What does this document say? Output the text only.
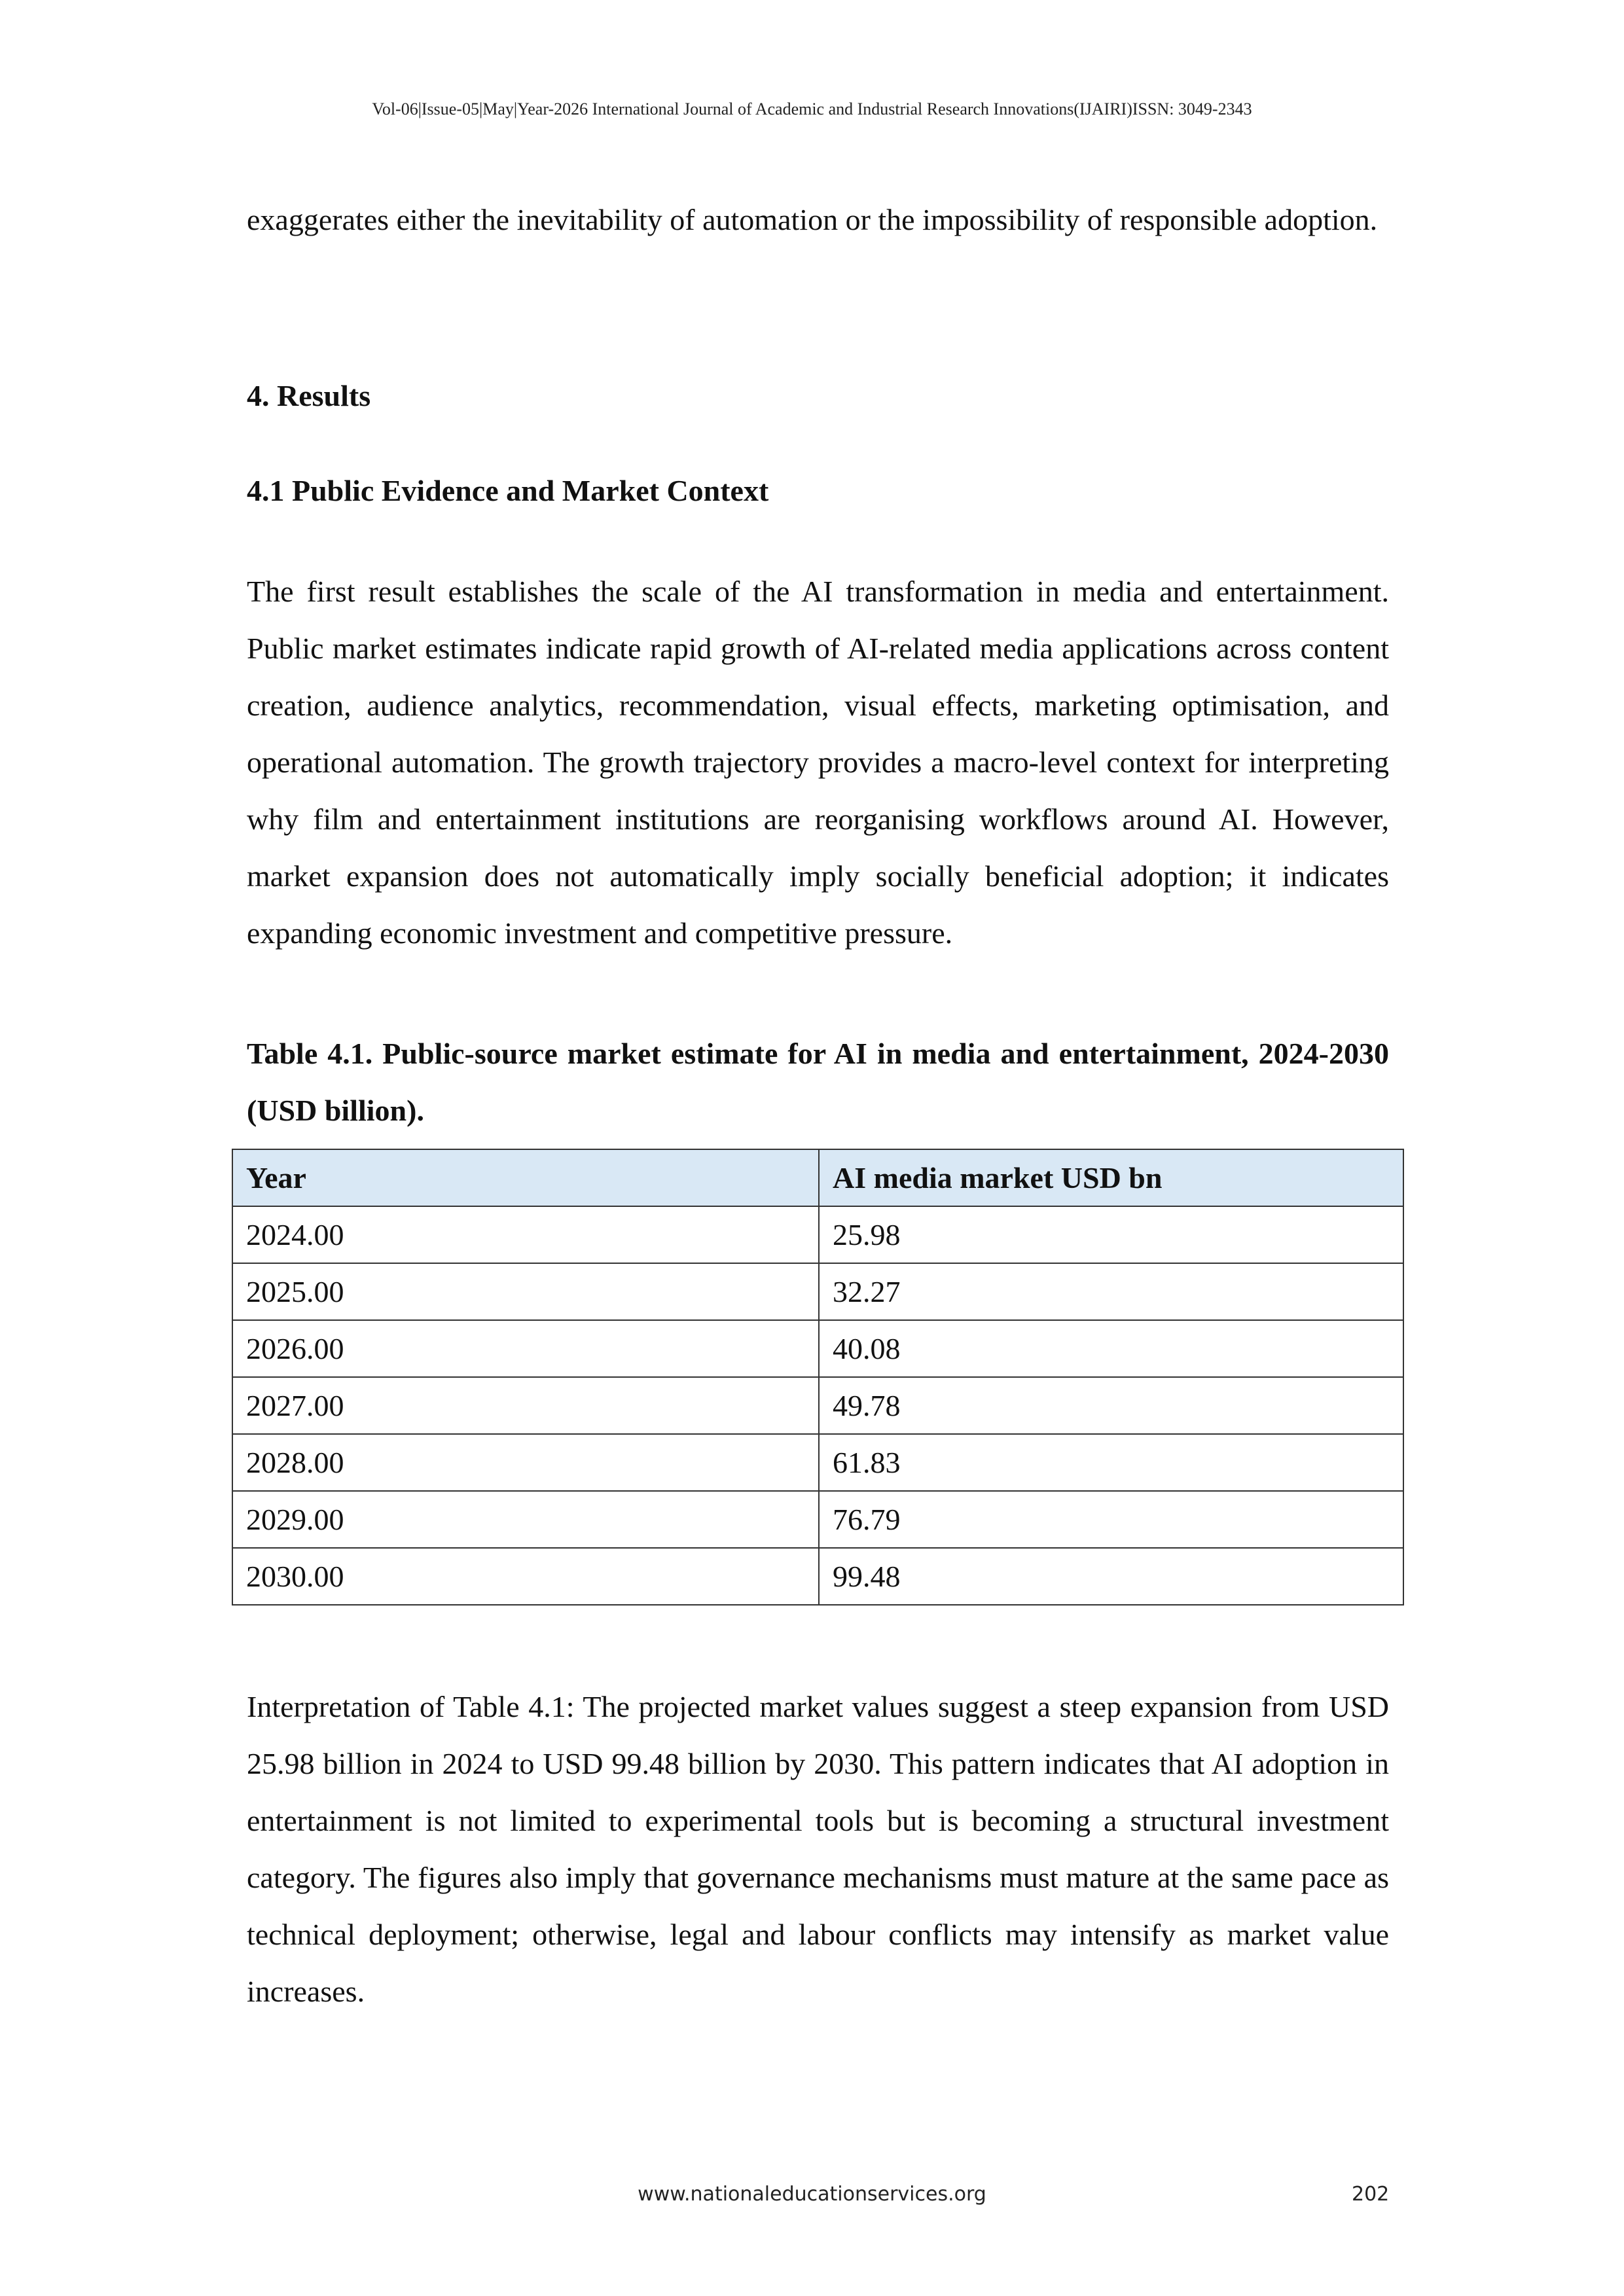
Vol-06|Issue-05|May|Year-2026 International Journal of Academic and Industrial Research Innovations(IJAIRI)ISSN: 3049-2343

exaggerates either the inevitability of automation or the impossibility of responsible adoption.

4. Results
4.1 Public Evidence and Market Context

The first result establishes the scale of the AI transformation in media and entertainment. Public market estimates indicate rapid growth of AI-related media applications across content creation, audience analytics, recommendation, visual effects, marketing optimisation, and operational automation. The growth trajectory provides a macro-level context for interpreting why film and entertainment institutions are reorganising workflows around AI. However, market expansion does not automatically imply socially beneficial adoption; it indicates expanding economic investment and competitive pressure.

Table 4.1. Public-source market estimate for AI in media and entertainment, 2024-2030 (USD billion).

Year	AI media market USD bn
2024.00	25.98
2025.00	32.27
2026.00	40.08
2027.00	49.78
2028.00	61.83
2029.00	76.79
2030.00	99.48

Interpretation of Table 4.1: The projected market values suggest a steep expansion from USD 25.98 billion in 2024 to USD 99.48 billion by 2030. This pattern indicates that AI adoption in entertainment is not limited to experimental tools but is becoming a structural investment category. The figures also imply that governance mechanisms must mature at the same pace as technical deployment; otherwise, legal and labour conflicts may intensify as market value increases.

www.nationaleducationservices.org	202
